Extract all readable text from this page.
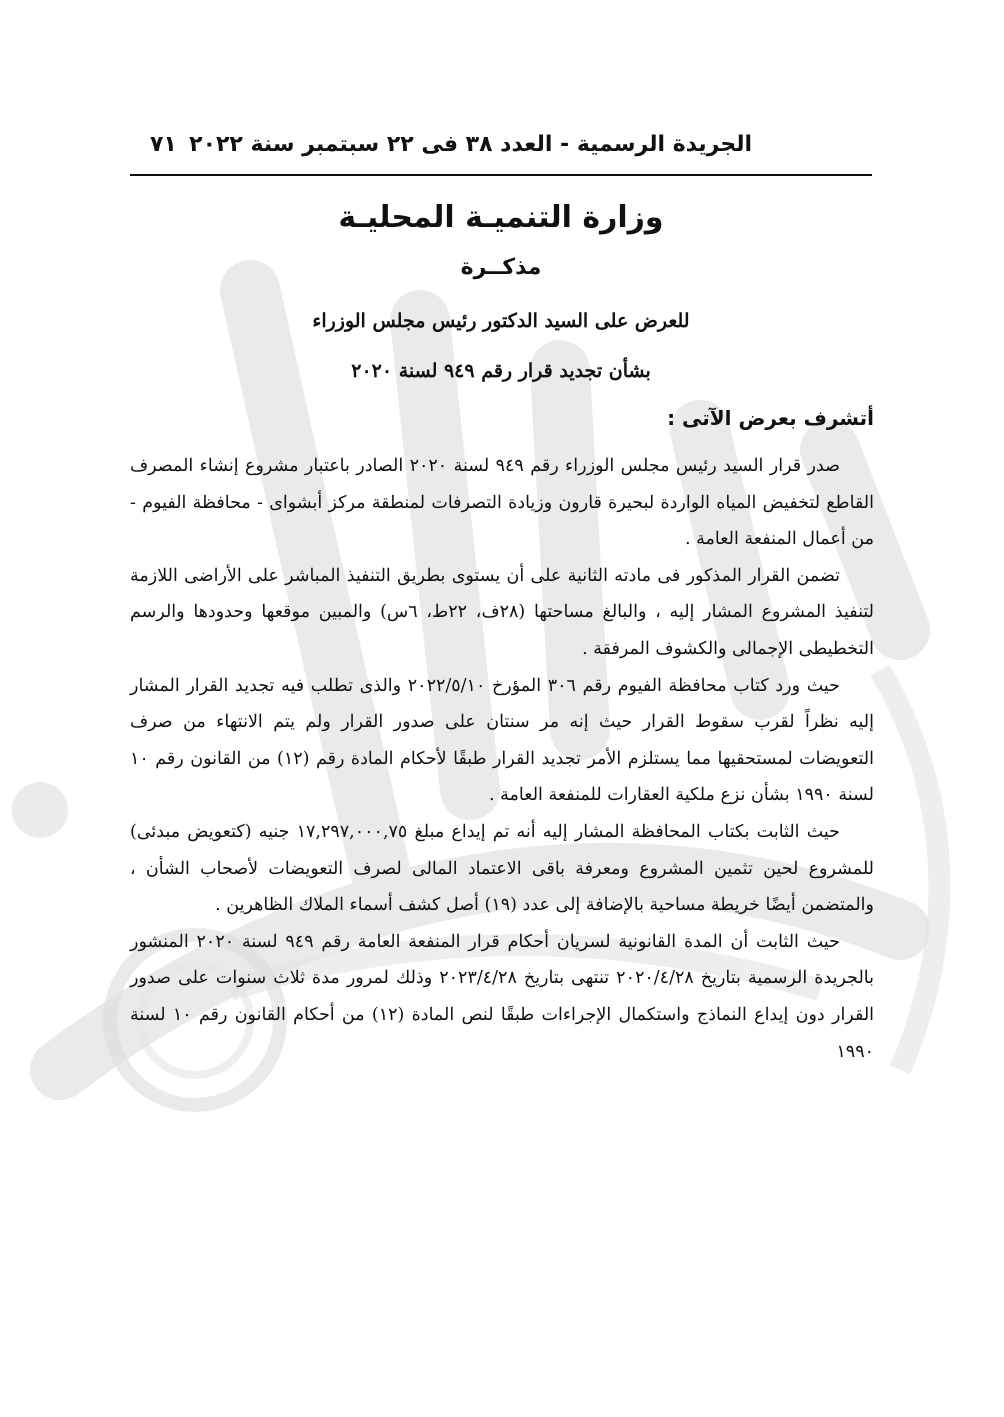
الجريدة الرسمية - العدد ٣٨ فى ٢٢ سبتمبر سنة ٢٠٢٢
٧١
وزارة التنميـة المحليـة
مذكــرة
للعرض على السيد الدكتور رئيس مجلس الوزراء
بشأن تجديد قرار رقم ٩٤٩ لسنة ٢٠٢٠
أتشرف بعرض الآتى :

صدر قرار السيد رئيس مجلس الوزراء رقم ٩٤٩ لسنة ٢٠٢٠ الصادر باعتبار مشروع إنشاء المصرف القاطع لتخفيض المياه الواردة لبحيرة قارون وزيادة التصرفات لمنطقة مركز أبشواى - محافظة الفيوم - من أعمال المنفعة العامة .

تضمن القرار المذكور فى مادته الثانية على أن يستوى بطريق التنفيذ المباشر على الأراضى اللازمة لتنفيذ المشروع المشار إليه ، والبالغ مساحتها (٢٨ف، ٢٢ط، ٦س) والمبين موقعها وحدودها والرسم التخطيطى الإجمالى والكشوف المرفقة .

حيث ورد كتاب محافظة الفيوم رقم ٣٠٦ المؤرخ ٢٠٢٢/٥/١٠ والذى تطلب فيه تجديد القرار المشار إليه نظراً لقرب سقوط القرار حيث إنه مر سنتان على صدور القرار ولم يتم الانتهاء من صرف التعويضات لمستحقيها مما يستلزم الأمر تجديد القرار طبقًا لأحكام المادة رقم (١٢) من القانون رقم ١٠ لسنة ١٩٩٠ بشأن نزع ملكية العقارات للمنفعة العامة .

حيث الثابت بكتاب المحافظة المشار إليه أنه تم إيداع مبلغ ١٧,٢٩٧,٠٠٠,٧٥ جنيه (كتعويض مبدئى) للمشروع لحين تثمين المشروع ومعرفة باقى الاعتماد المالى لصرف التعويضات لأصحاب الشأن ، والمتضمن أيضًا خريطة مساحية بالإضافة إلى عدد (١٩) أصل كشف أسماء الملاك الظاهرين .

حيث الثابت أن المدة القانونية لسريان أحكام قرار المنفعة العامة رقم ٩٤٩ لسنة ٢٠٢٠ المنشور بالجريدة الرسمية بتاريخ ٢٠٢٠/٤/٢٨ تنتهى بتاريخ ٢٠٢٣/٤/٢٨ وذلك لمرور مدة ثلاث سنوات على صدور القرار دون إيداع النماذج واستكمال الإجراءات طبقًا لنص المادة (١٢) من أحكام القانون رقم ١٠ لسنة ١٩٩٠
